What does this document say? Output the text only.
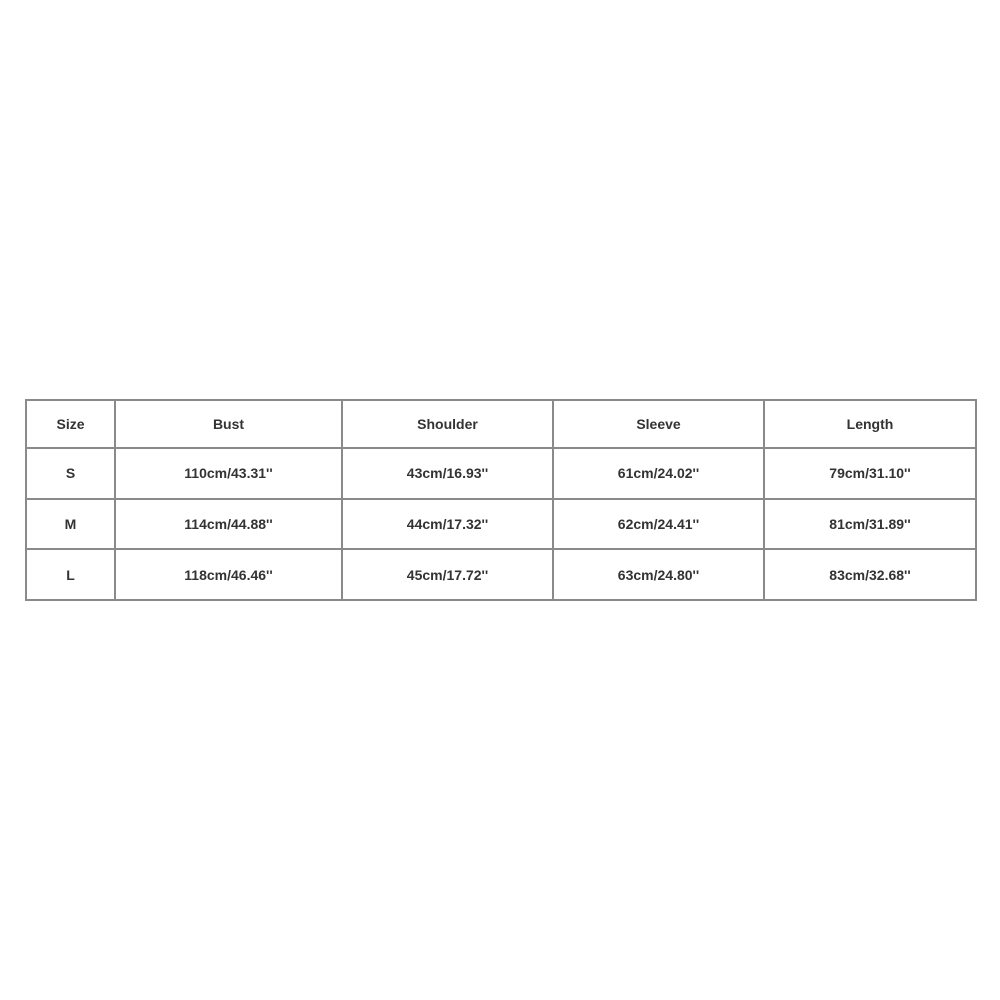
Size	Bust	Shoulder	Sleeve	Length
S	110cm/43.31''	43cm/16.93''	61cm/24.02''	79cm/31.10''
M	114cm/44.88''	44cm/17.32''	62cm/24.41''	81cm/31.89''
L	118cm/46.46''	45cm/17.72''	63cm/24.80''	83cm/32.68''
